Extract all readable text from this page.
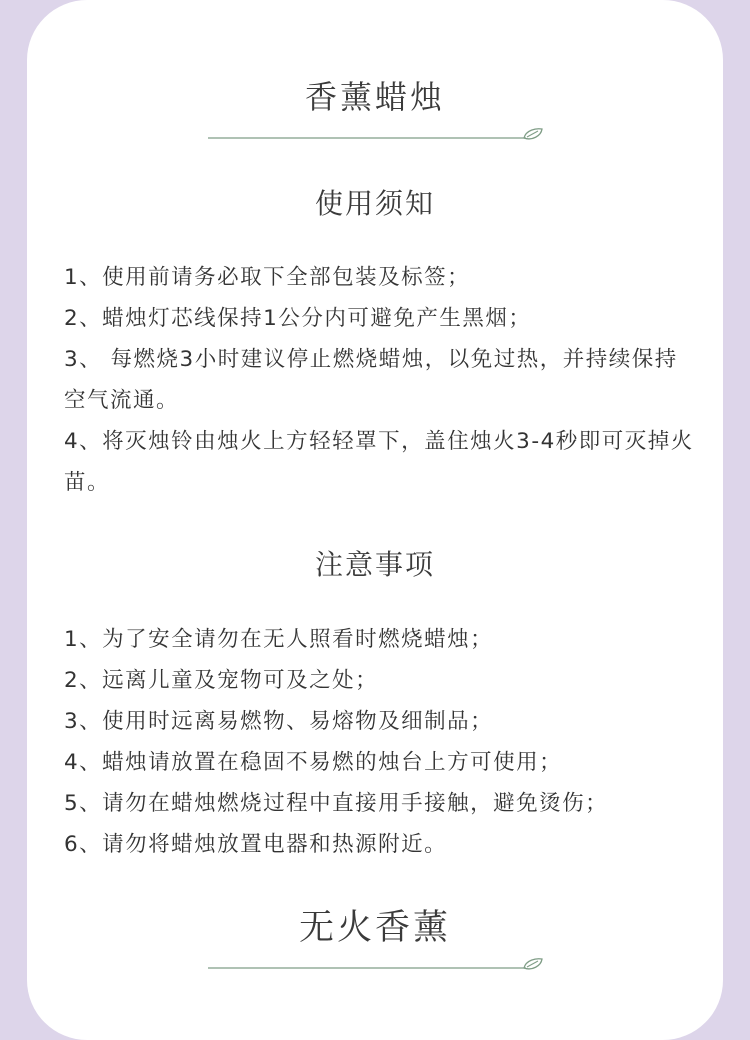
香薰蜡烛
使用须知
1、使用前请务必取下全部包装及标签；
2、蜡烛灯芯线保持1公分内可避免产生黑烟；
3、 每燃烧3小时建议停止燃烧蜡烛，以免过热，并持续保持空气流通。
4、将灭烛铃由烛火上方轻轻罩下，盖住烛火3-4秒即可灭掉火苗。
注意事项
1、为了安全请勿在无人照看时燃烧蜡烛；
2、远离儿童及宠物可及之处；
3、使用时远离易燃物、易熔物及细制品；
4、蜡烛请放置在稳固不易燃的烛台上方可使用；
5、请勿在蜡烛燃烧过程中直接用手接触，避免烫伤；
6、请勿将蜡烛放置电器和热源附近。
无火香薰
